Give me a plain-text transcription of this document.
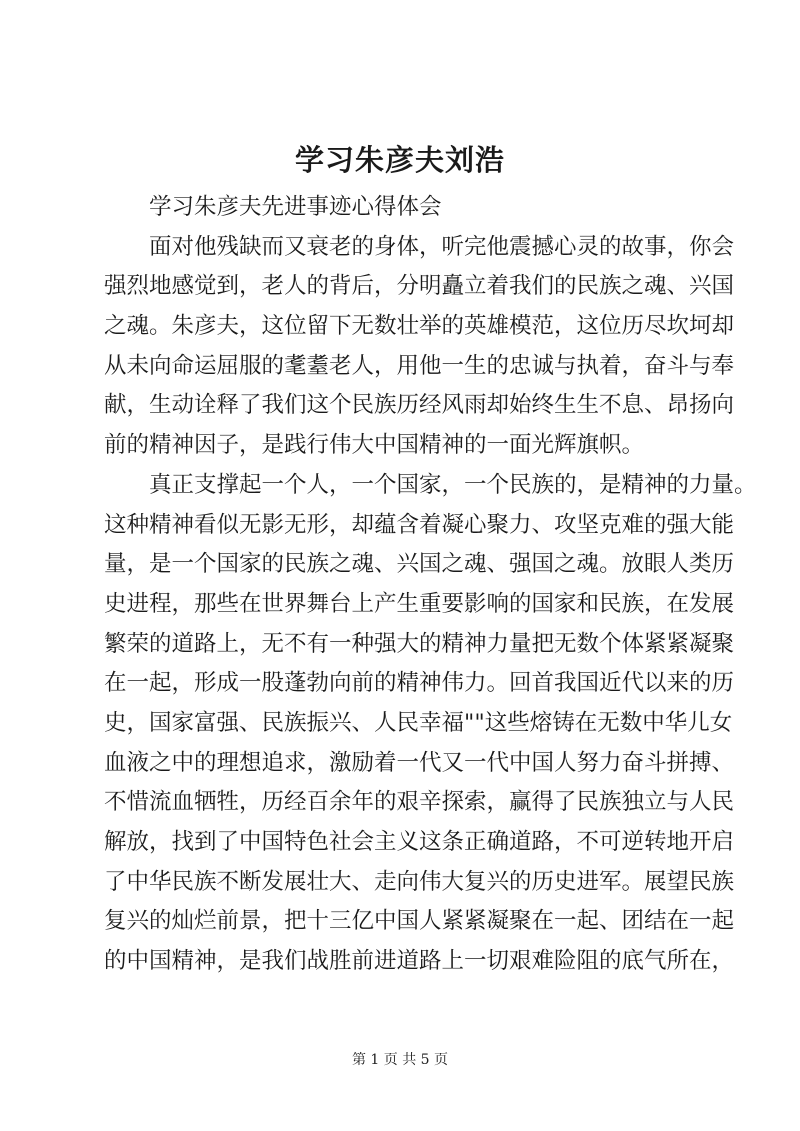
学习朱彦夫刘浩
学习朱彦夫先进事迹心得体会
面对他残缺而又衰老的身体，听完他震撼心灵的故事，你会
强烈地感觉到，老人的背后，分明矗立着我们的民族之魂、兴国
之魂。朱彦夫，这位留下无数壮举的英雄模范，这位历尽坎坷却
从未向命运屈服的耄耋老人，用他一生的忠诚与执着，奋斗与奉
献，生动诠释了我们这个民族历经风雨却始终生生不息、昂扬向
前的精神因子，是践行伟大中国精神的一面光辉旗帜。
真正支撑起一个人，一个国家，一个民族的，是精神的力量。
这种精神看似无影无形，却蕴含着凝心聚力、攻坚克难的强大能
量，是一个国家的民族之魂、兴国之魂、强国之魂。放眼人类历
史进程，那些在世界舞台上产生重要影响的国家和民族，在发展
繁荣的道路上，无不有一种强大的精神力量把无数个体紧紧凝聚
在一起，形成一股蓬勃向前的精神伟力。回首我国近代以来的历
史，国家富强、民族振兴、人民幸福""这些熔铸在无数中华儿女
血液之中的理想追求，激励着一代又一代中国人努力奋斗拼搏、
不惜流血牺牲，历经百余年的艰辛探索，赢得了民族独立与人民
解放，找到了中国特色社会主义这条正确道路，不可逆转地开启
了中华民族不断发展壮大、走向伟大复兴的历史进军。展望民族
复兴的灿烂前景，把十三亿中国人紧紧凝聚在一起、团结在一起
的中国精神，是我们战胜前进道路上一切艰难险阻的底气所在，
第 1 页 共 5 页
